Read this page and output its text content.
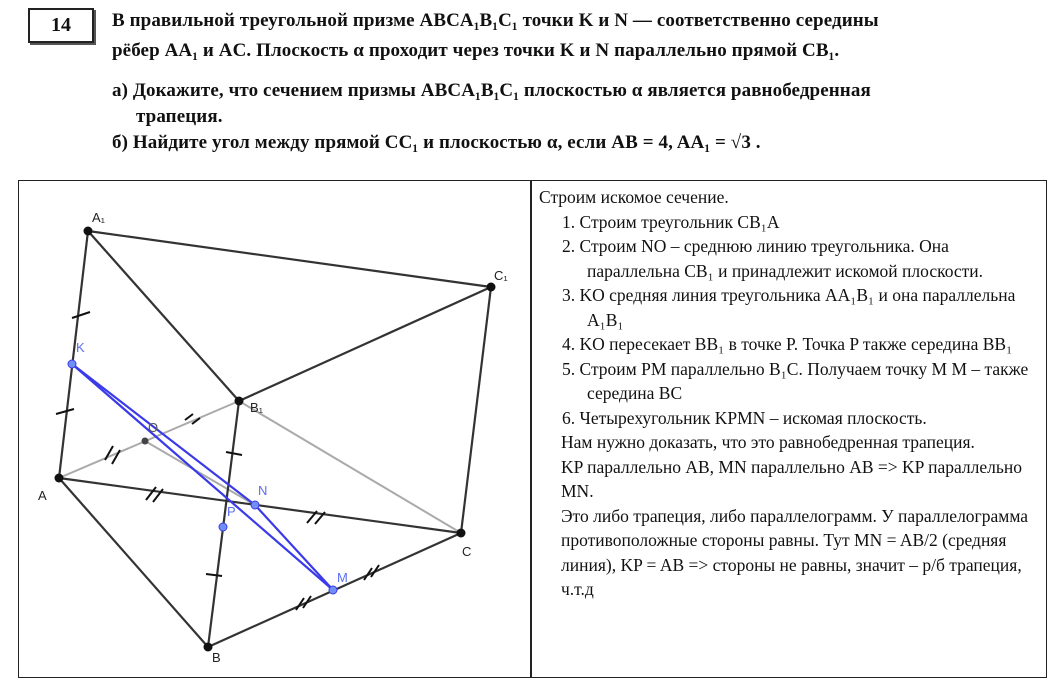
14	В правильной треугольной призме ABCA₁B₁C₁ точки K и N — соответственно середины
рёбер AA₁ и AC. Плоскость α проходит через точки K и N параллельно прямой CB₁.
а) Докажите, что сечением призмы ABCA₁B₁C₁ плоскостью α является равнобедренная
трапеция.
б) Найдите угол между прямой CC₁ и плоскостью α, если AB = 4, AA₁ = √3 .
Строим искомое сечение.
1. Строим треугольник CB₁A
2. Строим NO – среднюю линию треугольника. Она параллельна CB₁ и принадлежит искомой плоскости.
3. KO средняя линия треугольника AA₁B₁ и она параллельна A₁B₁
4. KO пересекает BB₁ в точке P. Точка P также середина BB₁
5. Строим PM параллельно B₁C. Получаем точку M M – также середина BC
6. Четырехугольник KPMN – искомая плоскость.
Нам нужно доказать, что это равнобедренная трапеция.
KP параллельно AB, MN параллельно AB => KP параллельно MN.
Это либо трапеция, либо параллелограмм. У параллелограмма противоположные стороны равны. Тут MN = AB/2 (средняя линия), KP = AB => стороны не равны, значит – р/б трапеция, ч.т.д
A₁
C₁
B₁
A
C
B
O
K
N
P
M
